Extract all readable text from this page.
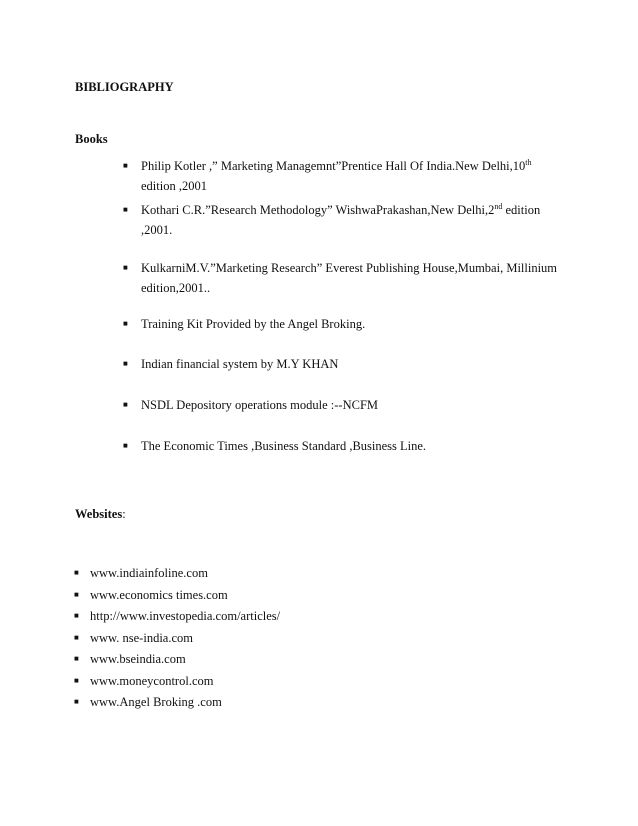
BIBLIOGRAPHY

Books

■ Philip Kotler ,” Marketing Managemnt”Prentice Hall Of India.New Delhi,10th
edition ,2001
■ Kothari C.R.”Research Methodology” WishwaPrakashan,New Delhi,2nd edition ,2001.
■ KulkarniM.V.”Marketing Research” Everest Publishing House,Mumbai, Millinium edition,2001..
■ Training Kit Provided by the Angel Broking.
■ Indian financial system by M.Y KHAN
■ NSDL Depository operations module :--NCFM
■ The Economic Times ,Business Standard ,Business Line.

Websites:

■ www.indiainfoline.com
■ www.economics times.com
■ http://www.investopedia.com/articles/
■ www. nse-india.com
■ www.bseindia.com
■ www.moneycontrol.com
■ www.Angel Broking .com
